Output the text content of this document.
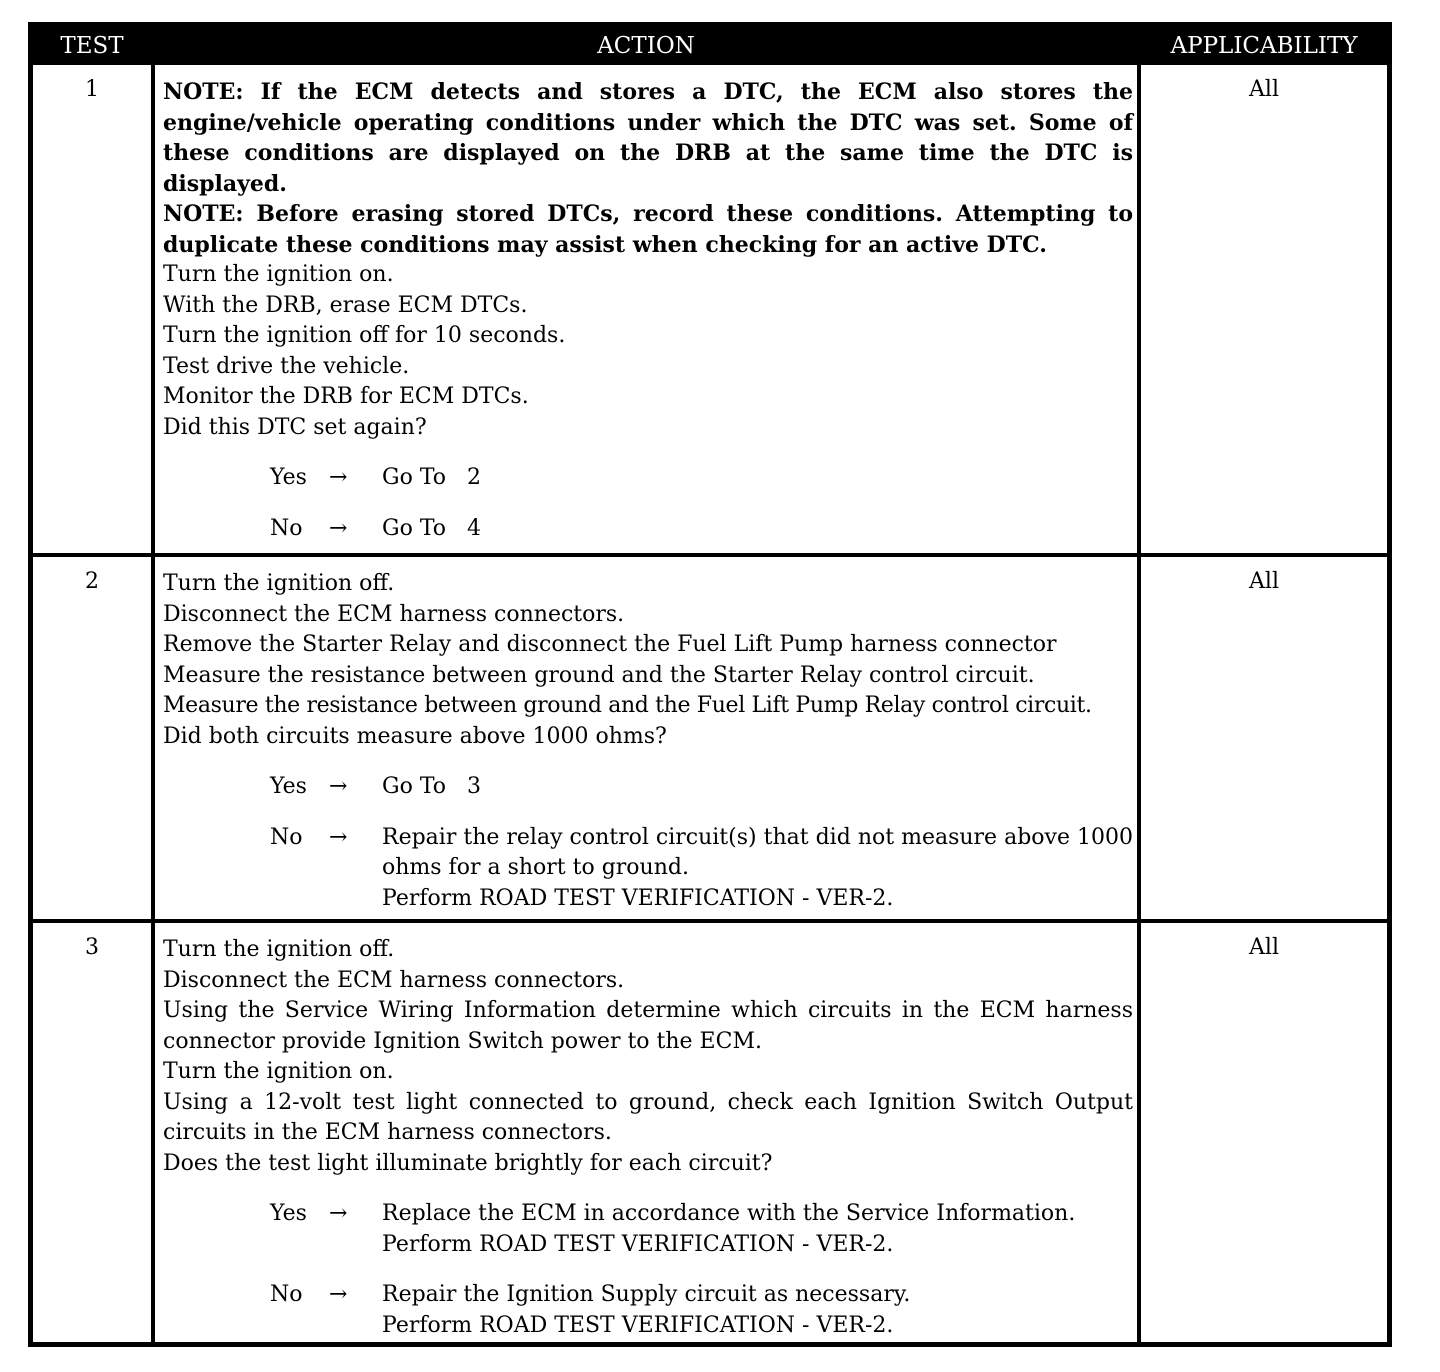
TEST	ACTION	APPLICABILITY
1	NOTE: If the ECM detects and stores a DTC, the ECM also stores the engine/vehicle operating conditions under which the DTC was set. Some of these conditions are displayed on the DRB at the same time the DTC is displayed.
NOTE: Before erasing stored DTCs, record these conditions. Attempting to duplicate these conditions may assist when checking for an active DTC.
Turn the ignition on.
With the DRB, erase ECM DTCs.
Turn the ignition off for 10 seconds.
Test drive the vehicle.
Monitor the DRB for ECM DTCs.
Did this DTC set again?
Yes	→	Go To   2
No	→	Go To   4
All
2	Turn the ignition off.
Disconnect the ECM harness connectors.
Remove the Starter Relay and disconnect the Fuel Lift Pump harness connector
Measure the resistance between ground and the Starter Relay control circuit.
Measure the resistance between ground and the Fuel Lift Pump Relay control circuit.
Did both circuits measure above 1000 ohms?
Yes	→	Go To   3
No	→	Repair the relay control circuit(s) that did not measure above 1000 ohms for a short to ground.
Perform ROAD TEST VERIFICATION - VER-2.
All
3	Turn the ignition off.
Disconnect the ECM harness connectors.
Using the Service Wiring Information determine which circuits in the ECM harness connector provide Ignition Switch power to the ECM.
Turn the ignition on.
Using a 12-volt test light connected to ground, check each Ignition Switch Output circuits in the ECM harness connectors.
Does the test light illuminate brightly for each circuit?
Yes	→	Replace the ECM in accordance with the Service Information.
Perform ROAD TEST VERIFICATION - VER-2.
No	→	Repair the Ignition Supply circuit as necessary.
Perform ROAD TEST VERIFICATION - VER-2.
All
